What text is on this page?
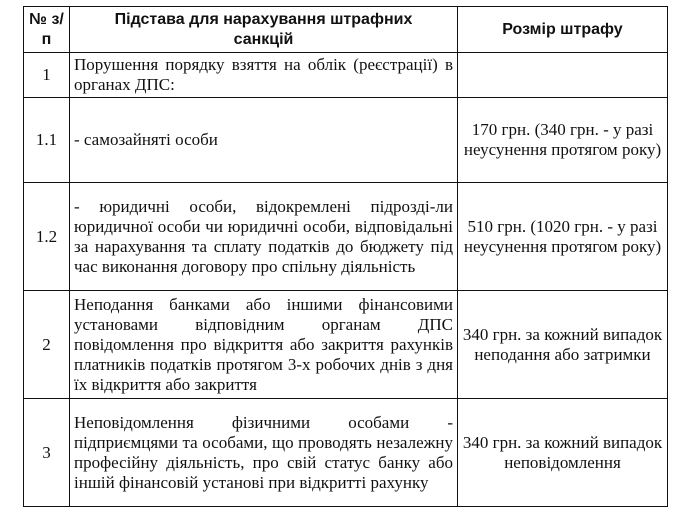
№ з/п	Підстава для нарахування штрафних санкцій	Розмір штрафу
1	Порушення порядку взяття на облік (реєстрації) в органах ДПС:	
1.1	- самозайняті особи	170 грн. (340 грн. - у разі неусунення протягом року)
1.2	- юридичні особи, відокремлені підрозді-ли юридичної особи чи юридичні особи, відповідальні за нарахування та сплату податків до бюджету під час виконання договору про спільну діяльність	510 грн. (1020 грн. - у разі неусунення протягом року)
2	Неподання банками або іншими фінансовими установами відповідним органам ДПС повідомлення про відкриття або закриття рахунків платників податків протягом 3-х робочих днів з дня їх відкриття або закриття	340 грн. за кожний випадок неподання або затримки
3	Неповідомлення фізичними особами - підприємцями та особами, що проводять незалежну професійну діяльність, про свій статус банку або іншій фінансовій установі при відкритті рахунку	340 грн. за кожний випадок неповідомлення
